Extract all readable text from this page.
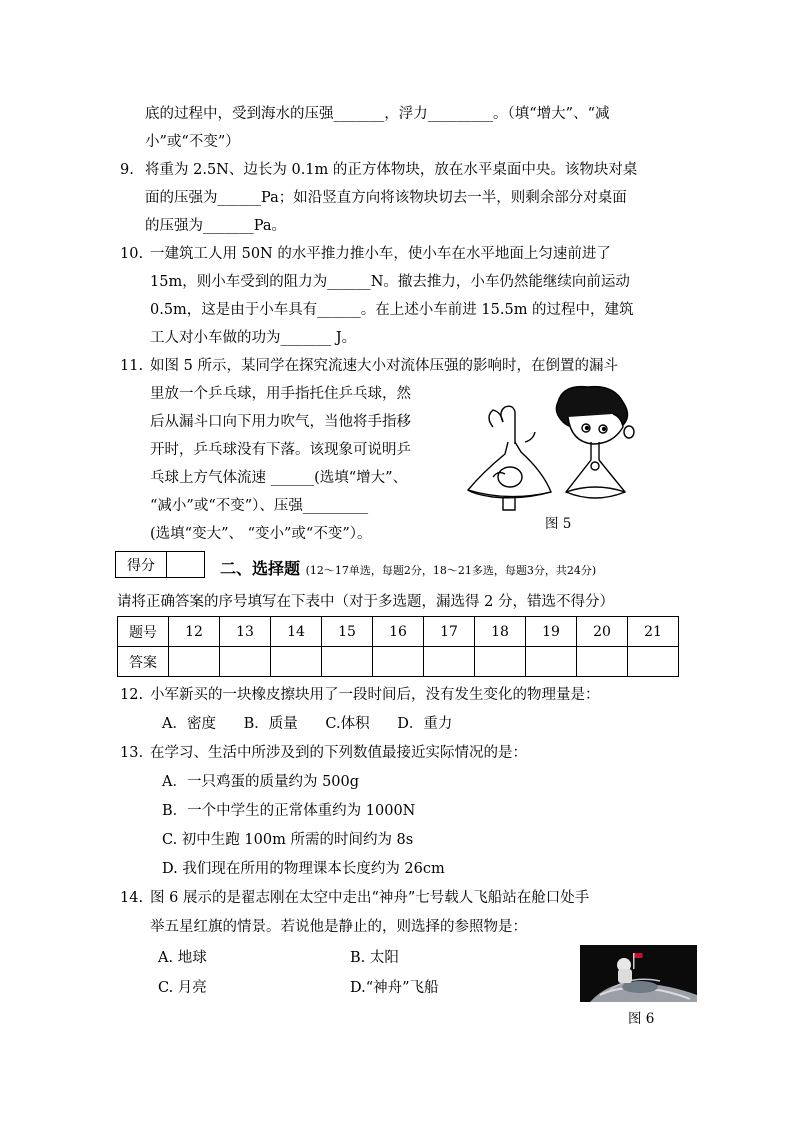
底的过程中，受到海水的压强_______，浮力_________。（填“增大”、“减
小”或“不变”）
9. 将重为 2.5N、边长为 0.1m 的正方体物块，放在水平桌面中央。该物块对桌
面的压强为______Pa；如沿竖直方向将该物块切去一半，则剩余部分对桌面
的压强为_______Pa。
10. 一建筑工人用 50N 的水平推力推小车，使小车在水平地面上匀速前进了
15m，则小车受到的阻力为______N。撤去推力，小车仍然能继续向前运动
0.5m，这是由于小车具有______。在上述小车前进 15.5m 的过程中，建筑
工人对小车做的功为_______ J。
11. 如图 5 所示，某同学在探究流速大小对流体压强的影响时，在倒置的漏斗
里放一个乒乓球，用手指托住乒乓球，然
后从漏斗口向下用力吹气，当他将手指移
开时，乒乓球没有下落。该现象可说明乒
乓球上方气体流速 ______(选填“增大”、
“减小”或“不变”）、压强_________
(选填“变大”、 “变小”或“不变”）。
图 5
得分	二、选择题 (12～17单选，每题2分，18～21多选，每题3分，共24分)
请将正确答案的序号填写在下表中（对于多选题，漏选得 2 分，错选不得分）
题号	12	13	14	15	16	17	18	19	20	21
答案										
12. 小军新买的一块橡皮擦块用了一段时间后，没有发生变化的物理量是：
A．密度      B．质量      C.体积      D．重力
13. 在学习、生活中所涉及到的下列数值最接近实际情况的是：
A．一只鸡蛋的质量约为 500g
B．一个中学生的正常体重约为 1000N
C. 初中生跑 100m 所需的时间约为 8s
D. 我们现在所用的物理课本长度约为 26cm
14. 图 6 展示的是翟志刚在太空中走出“神舟”七号载人飞船站在舱口处手
举五星红旗的情景。若说他是静止的，则选择的参照物是：
A. 地球	B. 太阳
C. 月亮	D.“神舟”飞船
图 6
